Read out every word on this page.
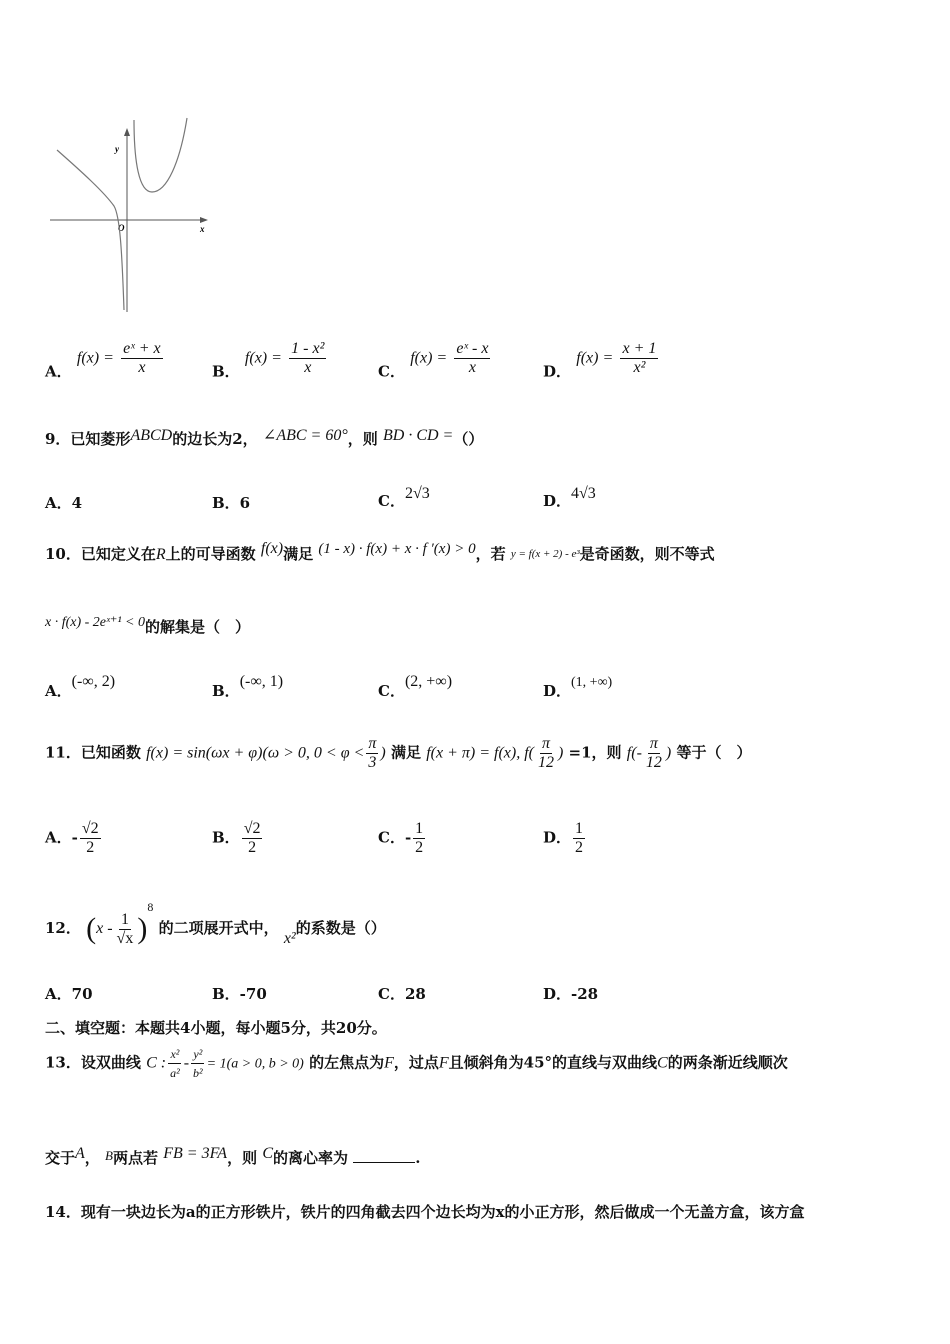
y
x
O
A． $f(x) = \frac{\text{eˣ + x}}{x}$	B． $f(x) = \frac{\text{1 - x²}}{x}$	C． $f(x) = \frac{\text{eˣ - x}}{x}$	D． $f(x) = \frac{x + 1}{\text{x²}}$
9．已知菱形ABCD的边长为2， ∠ABC = 60°，则 BD · CD =（）
A．4	B．6	C．2√3	D．4√3
10．已知定义在R上的可导函数 f(x)满足 (1 - x) · f(x) + x · f ′(x) > 0，若 y = f(x + 2) - e³是奇函数，则不等式
x · f(x) - 2eˣ⁺¹ < 0的解集是（　）
A．(-∞, 2)
B．(-∞, 1)
C．(2, +∞)
D．(1, +∞)
11．已知函数 f(x) = sin(ωx + φ)(ω > 0, $0 < \varphi < \frac{\pi}{3}$ ) 满足 f(x + π) = f(x), $f( \frac{\pi}{12}$ ) =1，则 $f(- \frac{\pi}{12}$ ) 等于（　）
A．- $\frac{√2}{2}$	B． $\frac{√2}{2}$	C．- $\frac{1}{2}$	D． $\frac{1}{2}$
12． $(x - \frac{1}{√x} )^8$ 的二项展开式中， x²的系数是（）
A．70	B．-70	C．28	D．-28
二、填空题：本题共4小题，每小题5分，共20分。
13．设双曲线 C : $\frac{\text{x²}}{\text{a²}} - \frac{\text{y²}}{\text{b²}} = 1(a > 0$, b > 0) 的左焦点为F，过点F且倾斜角为45°的直线与双曲线C的两条渐近线顺次
交于A， B两点若 FB = 3FA，则 C的离心率为	.
14．现有一块边长为a的正方形铁片，铁片的四角截去四个边长均为x的小正方形，然后做成一个无盖方盒，该方盒
